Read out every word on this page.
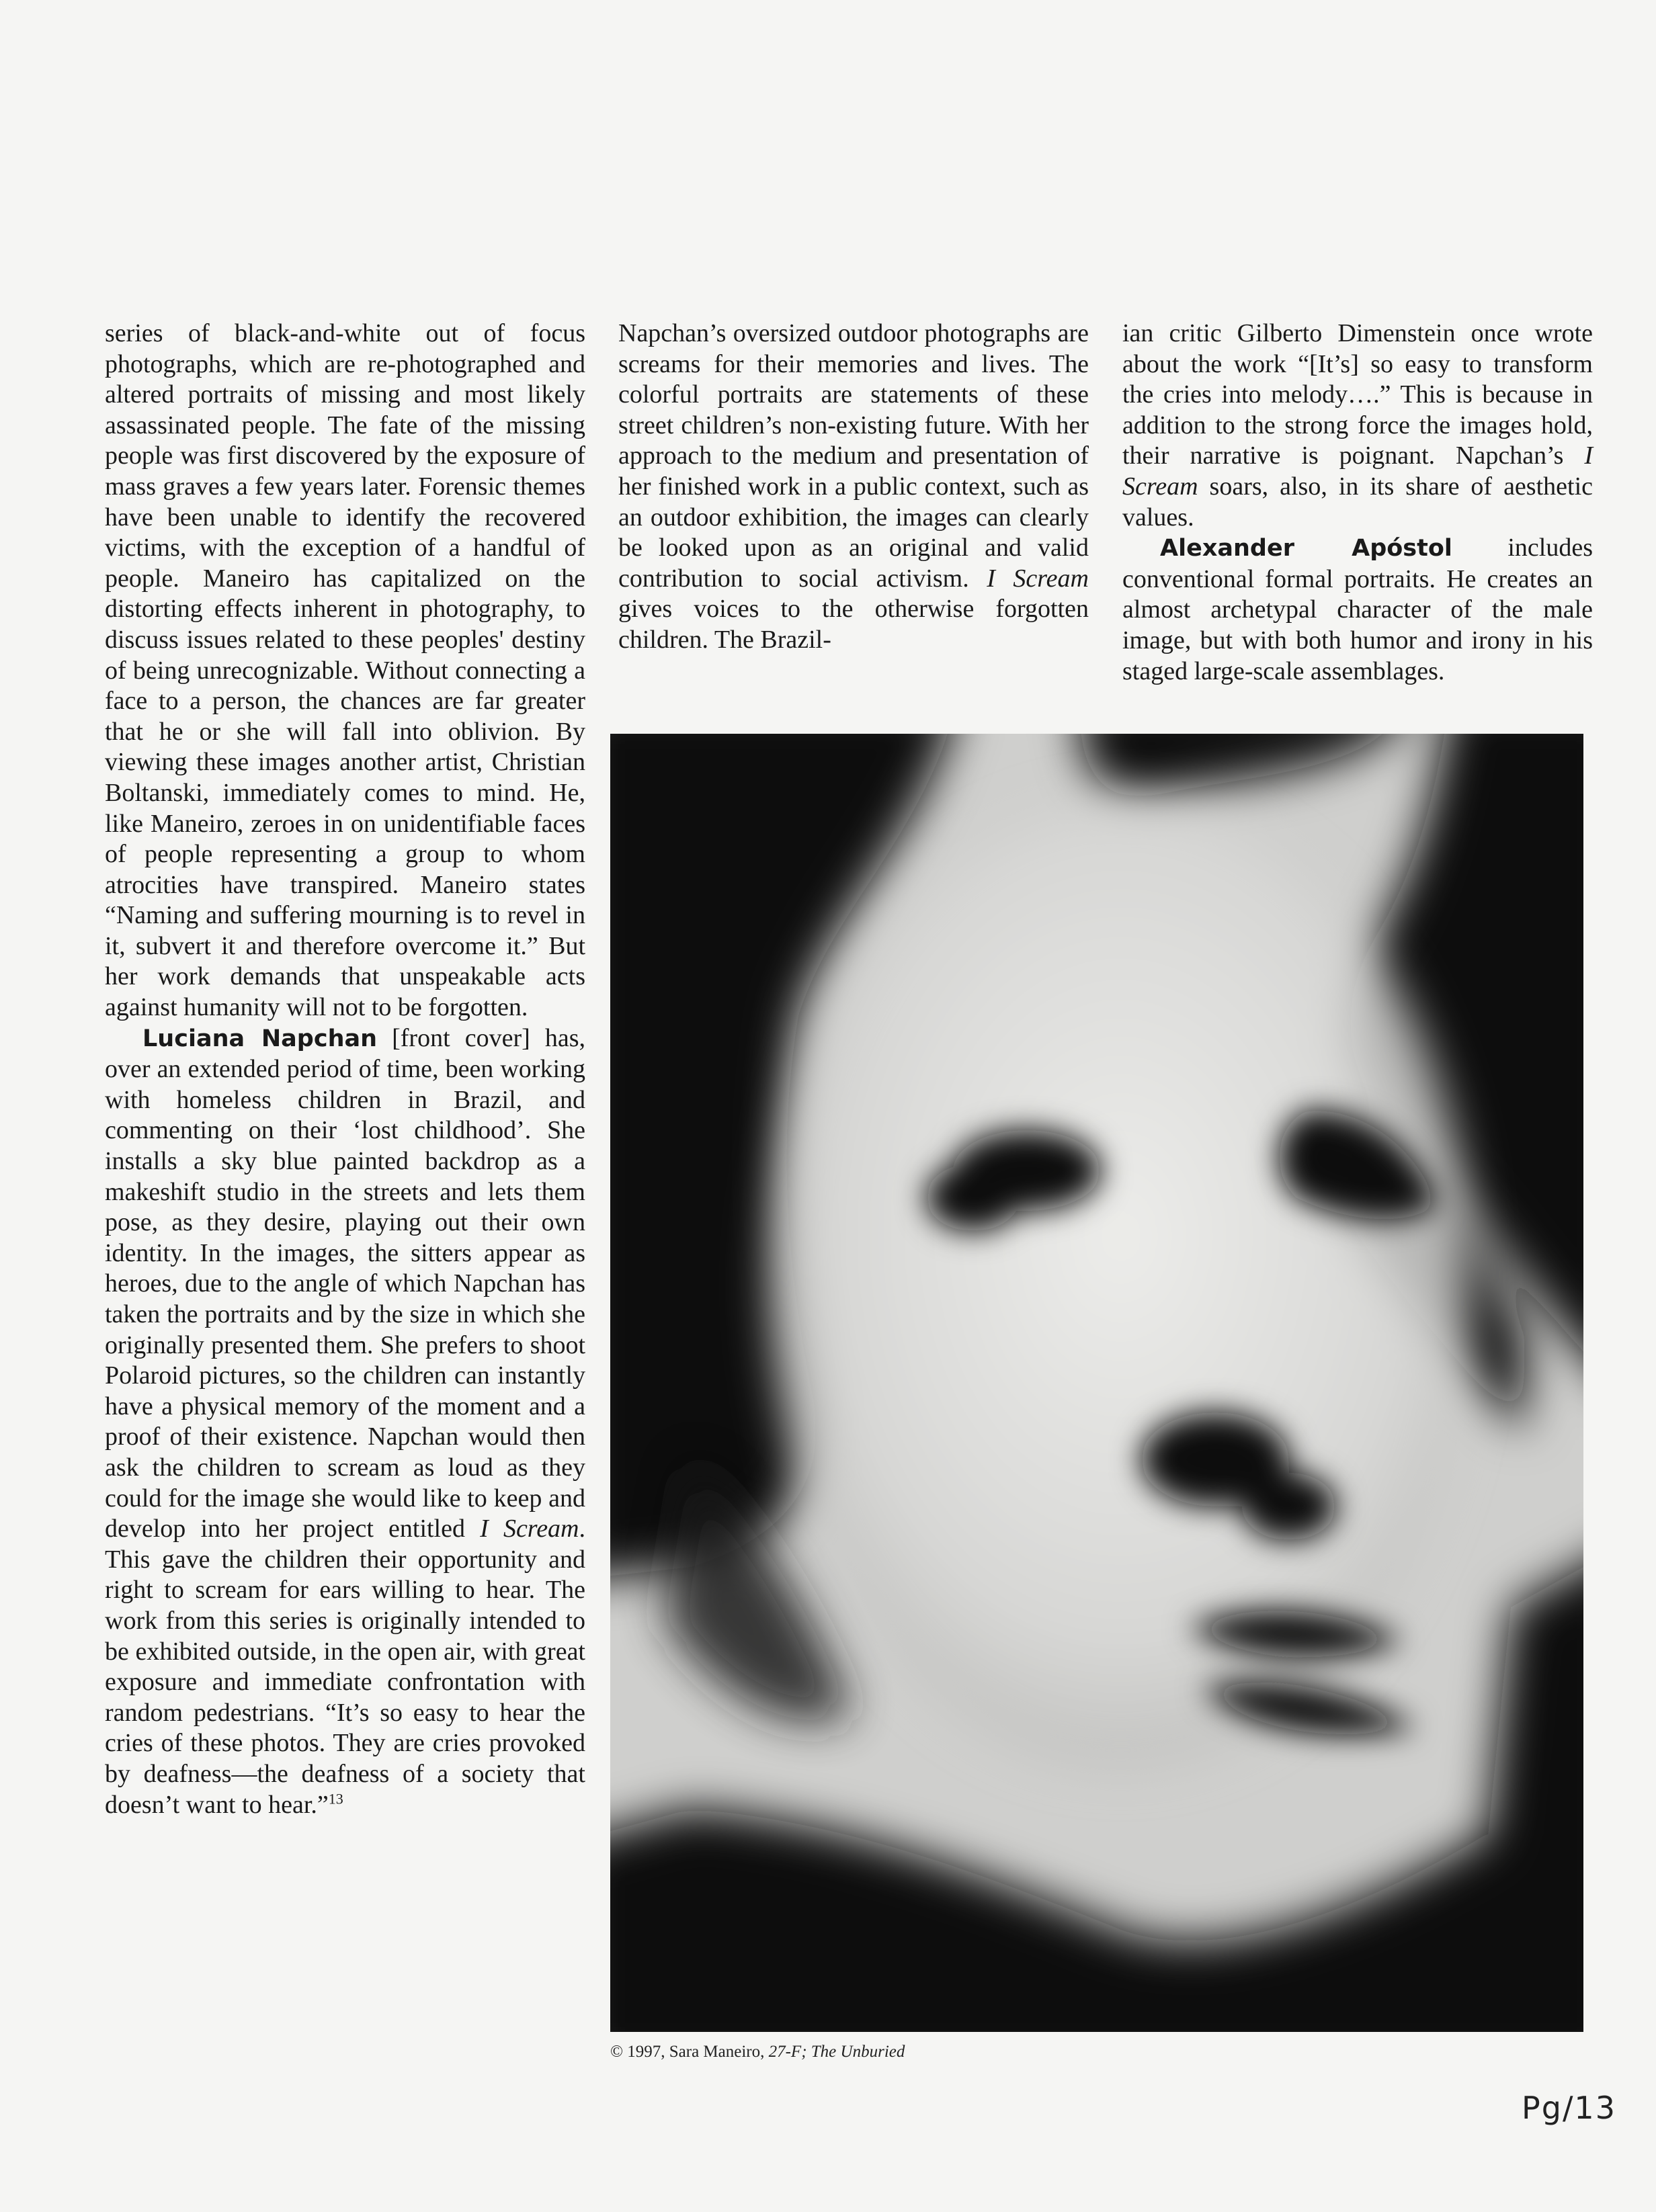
series of black-and-white out of focus photographs, which are re-photographed and altered portraits of missing and most likely assassinated people. The fate of the missing people was first discovered by the exposure of mass graves a few years later. Forensic themes have been unable to identify the recovered victims, with the exception of a handful of people. Maneiro has capitalized on the distorting effects inherent in photography, to discuss issues related to these peoples' destiny of being unrecognizable. Without connecting a face to a person, the chances are far greater that he or she will fall into oblivion. By viewing these images another artist, Christian Boltanski, immediately comes to mind. He, like Maneiro, zeroes in on unidentifiable faces of people representing a group to whom atrocities have transpired. Maneiro states “Naming and suffering mourning is to revel in it, subvert it and therefore overcome it.” But her work demands that unspeakable acts against humanity will not to be forgotten.

Luciana Napchan [front cover] has, over an extended period of time, been working with homeless children in Brazil, and commenting on their ‘lost childhood’. She installs a sky blue painted backdrop as a makeshift studio in the streets and lets them pose, as they desire, playing out their own identity. In the images, the sitters appear as heroes, due to the angle of which Napchan has taken the portraits and by the size in which she originally presented them. She prefers to shoot Polaroid pictures, so the children can instantly have a physical memory of the moment and a proof of their existence. Napchan would then ask the children to scream as loud as they could for the image she would like to keep and develop into her project entitled I Scream. This gave the children their opportunity and right to scream for ears willing to hear. The work from this series is originally intended to be exhibited outside, in the open air, with great exposure and immediate confrontation with random pedestrians. “It’s so easy to hear the cries of these photos. They are cries provoked by deafness—the deafness of a society that doesn’t want to hear.”$^{13}$

Napchan’s oversized outdoor photographs are screams for their memories and lives. The colorful portraits are statements of these street children’s non-existing future. With her approach to the medium and presentation of her finished work in a public context, such as an outdoor exhibition, the images can clearly be looked upon as an original and valid contribution to social activism. I Scream gives voices to the otherwise forgotten children. The Brazil-

ian critic Gilberto Dimenstein once wrote about the work “[It’s] so easy to transform the cries into melody….” This is because in addition to the strong force the images hold, their narrative is poignant. Napchan’s I Scream soars, also, in its share of aesthetic values.

Alexander Apóstol includes conventional formal portraits. He creates an almost archetypal character of the male image, but with both humor and irony in his staged large-scale assemblages.

© 1997, Sara Maneiro, 27-F; The Unburied
Pg/13
